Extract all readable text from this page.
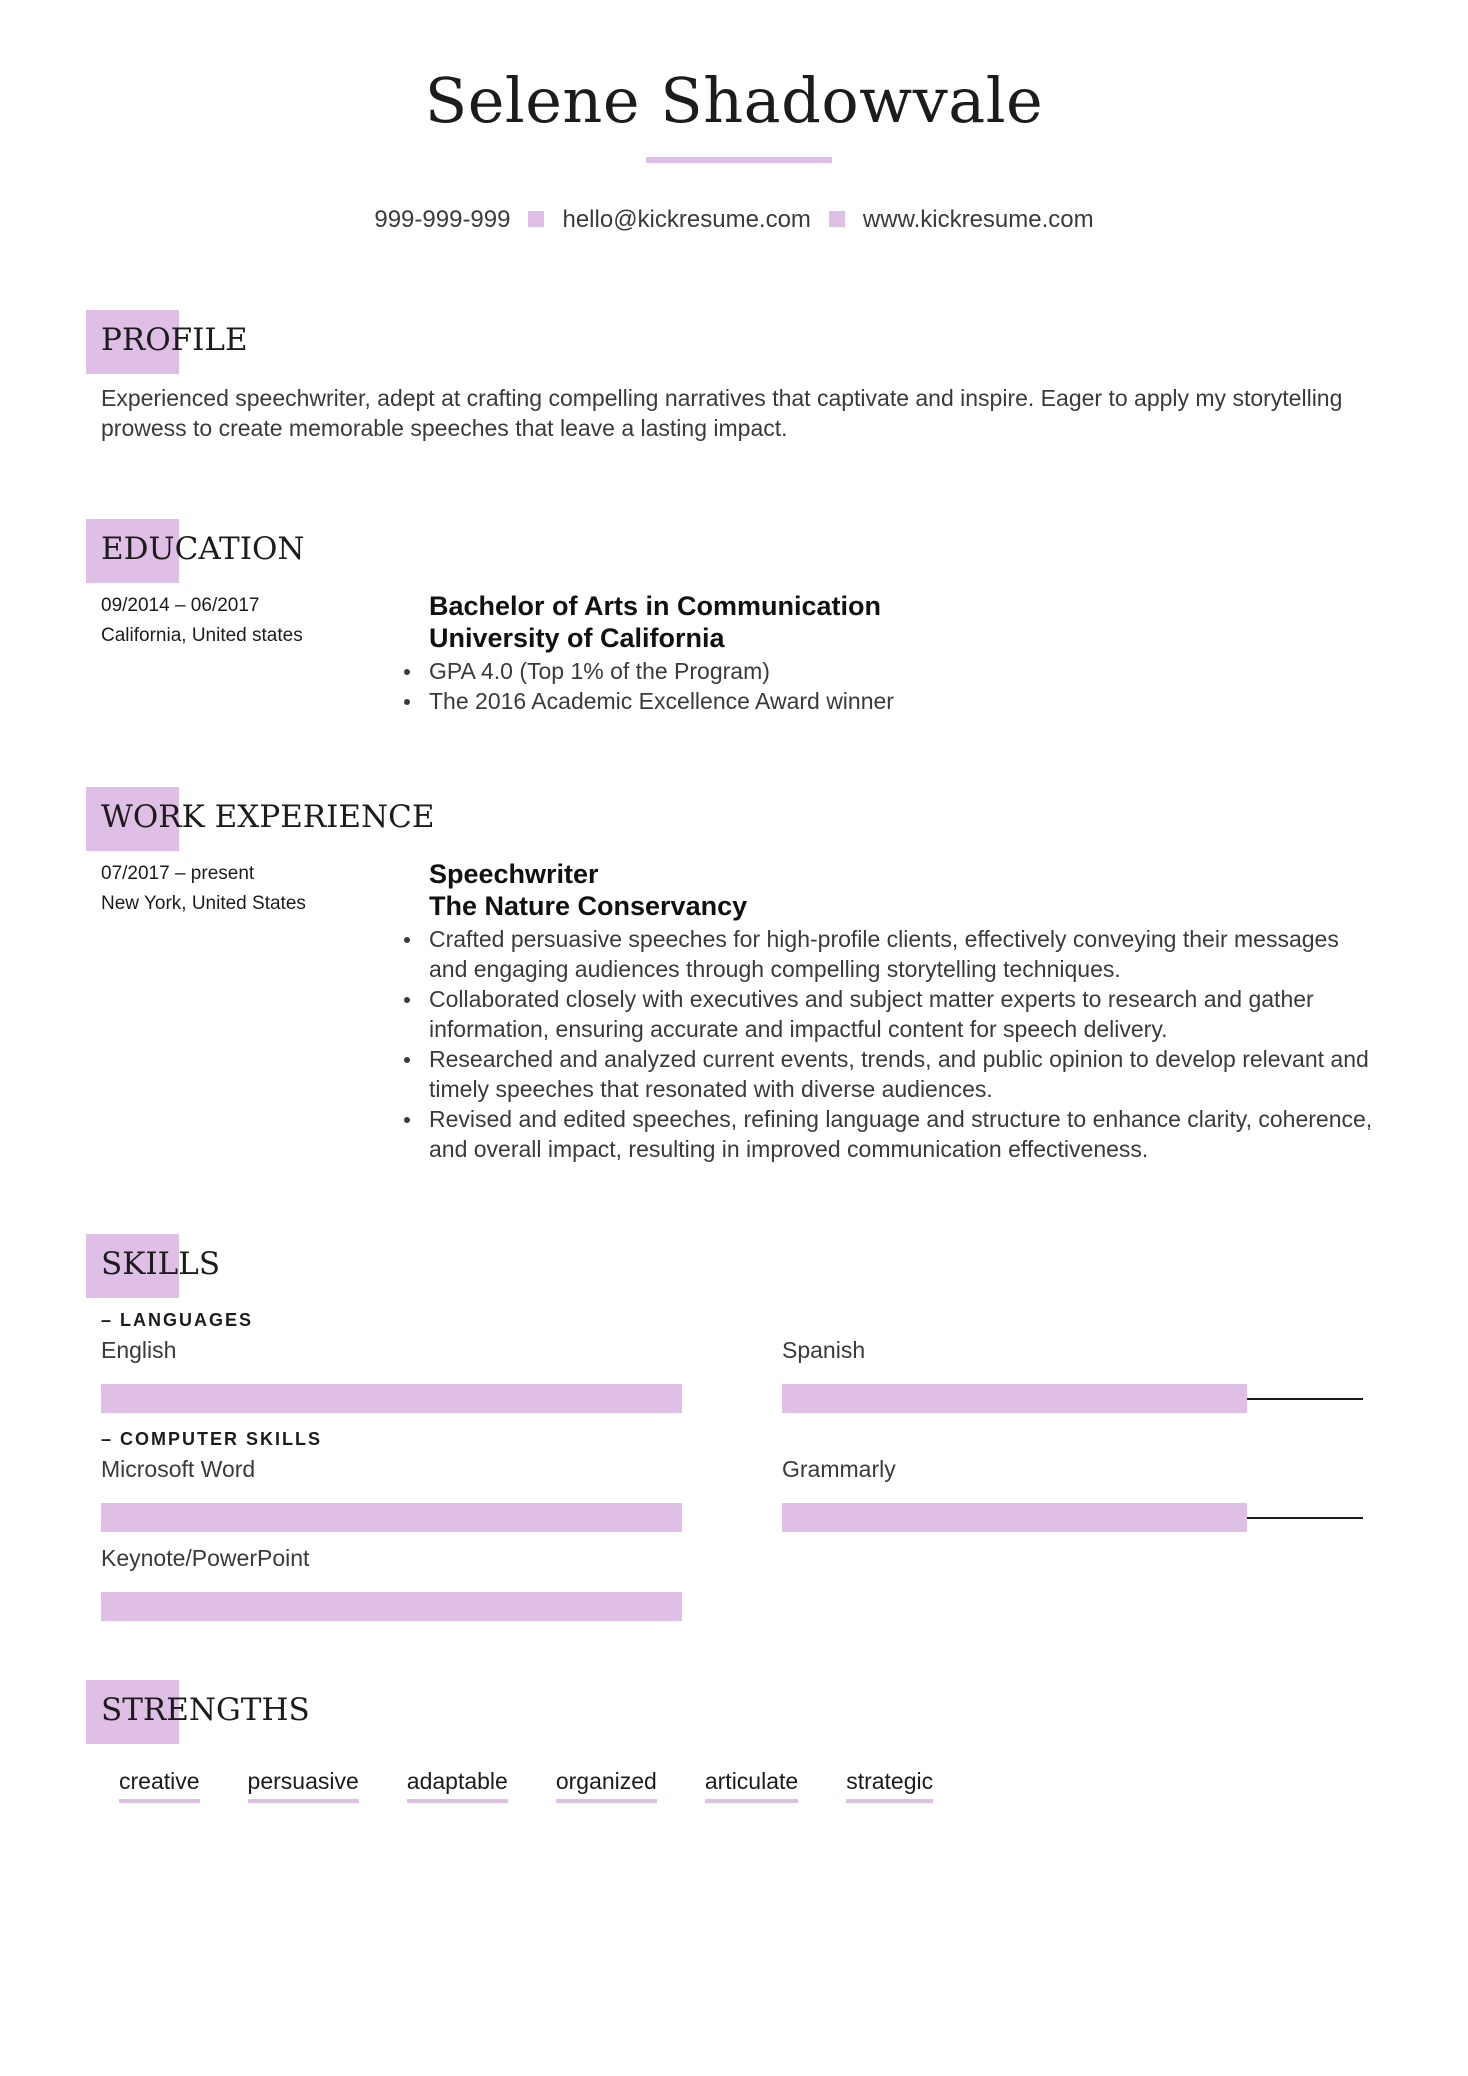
Selene Shadowvale
999-999-999 hello@kickresume.com www.kickresume.com
PROFILE
Experienced speechwriter, adept at crafting compelling narratives that captivate and inspire. Eager to apply my storytelling prowess to create memorable speeches that leave a lasting impact.
EDUCATION
09/2014 – 06/2017
California, United states
Bachelor of Arts in Communication
University of California
GPA 4.0 (Top 1% of the Program)
The 2016 Academic Excellence Award winner
WORK EXPERIENCE
07/2017 – present
New York, United States
Speechwriter
The Nature Conservancy
Crafted persuasive speeches for high-profile clients, effectively conveying their messages and engaging audiences through compelling storytelling techniques.
Collaborated closely with executives and subject matter experts to research and gather information, ensuring accurate and impactful content for speech delivery.
Researched and analyzed current events, trends, and public opinion to develop relevant and timely speeches that resonated with diverse audiences.
Revised and edited speeches, refining language and structure to enhance clarity, coherence, and overall impact, resulting in improved communication effectiveness.
SKILLS
– LANGUAGES
English	Spanish
– COMPUTER SKILLS
Microsoft Word	Grammarly
Keynote/PowerPoint
STRENGTHS
creative persuasive adaptable organized articulate strategic
